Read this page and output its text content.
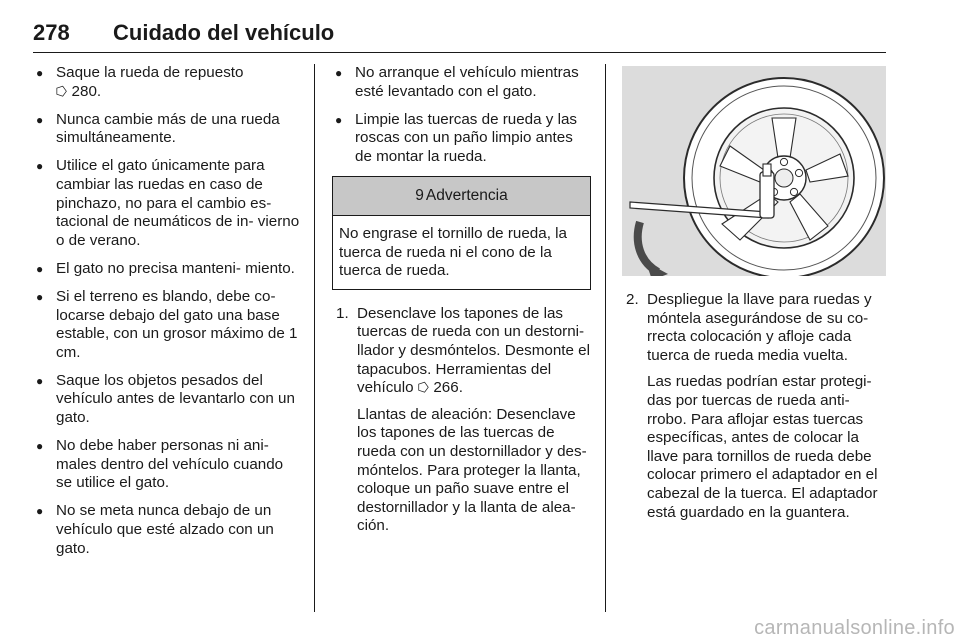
278 Cuidado del vehículo
● Saque la rueda de repuesto
⭔ 280.
● Nunca cambie más de una rueda simultáneamente.
● Utilice el gato únicamente para cambiar las ruedas en caso de pinchazo, no para el cambio es- tacional de neumáticos de in- vierno o de verano.
● El gato no precisa manteni- miento.
● Si el terreno es blando, debe co- locarse debajo del gato una base estable, con un grosor máximo de 1 cm.
● Saque los objetos pesados del vehículo antes de levantarlo con un gato.
● No debe haber personas ni ani- males dentro del vehículo cuando se utilice el gato.
● No se meta nunca debajo de un vehículo que esté alzado con un gato.
● No arranque el vehículo mientras esté levantado con el gato.
● Limpie las tuercas de rueda y las roscas con un paño limpio antes de montar la rueda.
9 Advertencia
No engrase el tornillo de rueda, la tuerca de rueda ni el cono de la tuerca de rueda.
1. Desenclave los tapones de las tuercas de rueda con un destorni- llador y desmóntelos. Desmonte el tapacubos. Herramientas del vehículo ⭔ 266.

Llantas de aleación: Desenclave los tapones de las tuercas de rueda con un destornillador y des- móntelos. Para proteger la llanta, coloque un paño suave entre el destornillador y la llanta de alea- ción.

2. Despliegue la llave para ruedas y móntela asegurándose de su co- rrecta colocación y afloje cada tuerca de rueda media vuelta.

Las ruedas podrían estar protegi- das por tuercas de rueda anti- rrobo. Para aflojar estas tuercas específicas, antes de colocar la llave para tornillos de rueda debe colocar primero el adaptador en el cabezal de la tuerca. El adaptador está guardado en la guantera.

carmanualsonline.info
